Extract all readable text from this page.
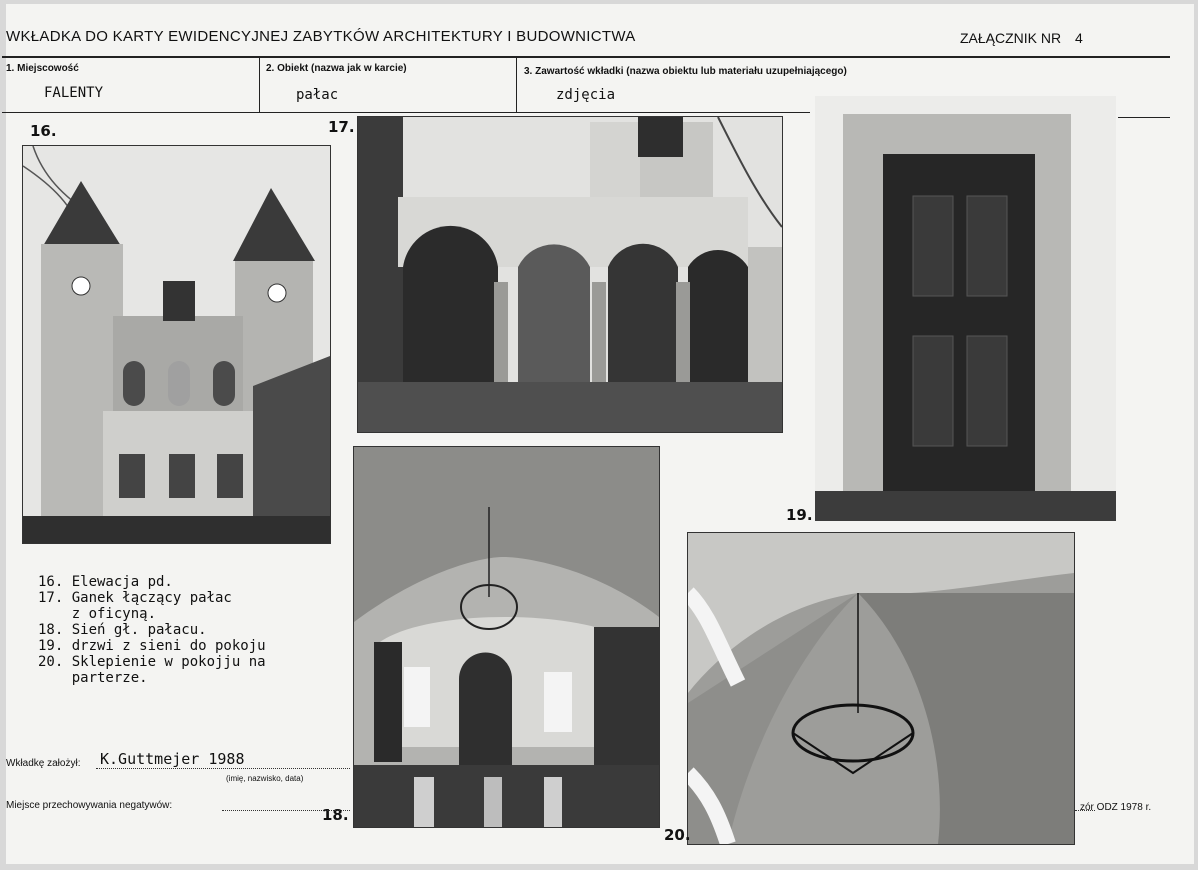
WKŁADKA DO KARTY EWIDENCYJNEJ ZABYTKÓW ARCHITEKTURY I BUDOWNICTWA	ZAŁĄCZNIK NR 4
1. Miejscowość
FALENTY
2. Obiekt (nazwa jak w karcie)
pałac
3. Zawartość wkładki (nazwa obiektu lub materiału uzupełniającego)
zdjęcia
16.	17.
19.
16. Elewacja pd.
17. Ganek łączący pałac
z oficyną.
18. Sień gł. pałacu.
19. drzwi z sieni do pokoju
20. Sklepienie w pokojju na
parterze.
18.
20.
Wkładkę założył: K.Guttmejer 1988
(imię, nazwisko, data)
Miejsce przechowywania negatywów:	zór ODZ 1978 r.
